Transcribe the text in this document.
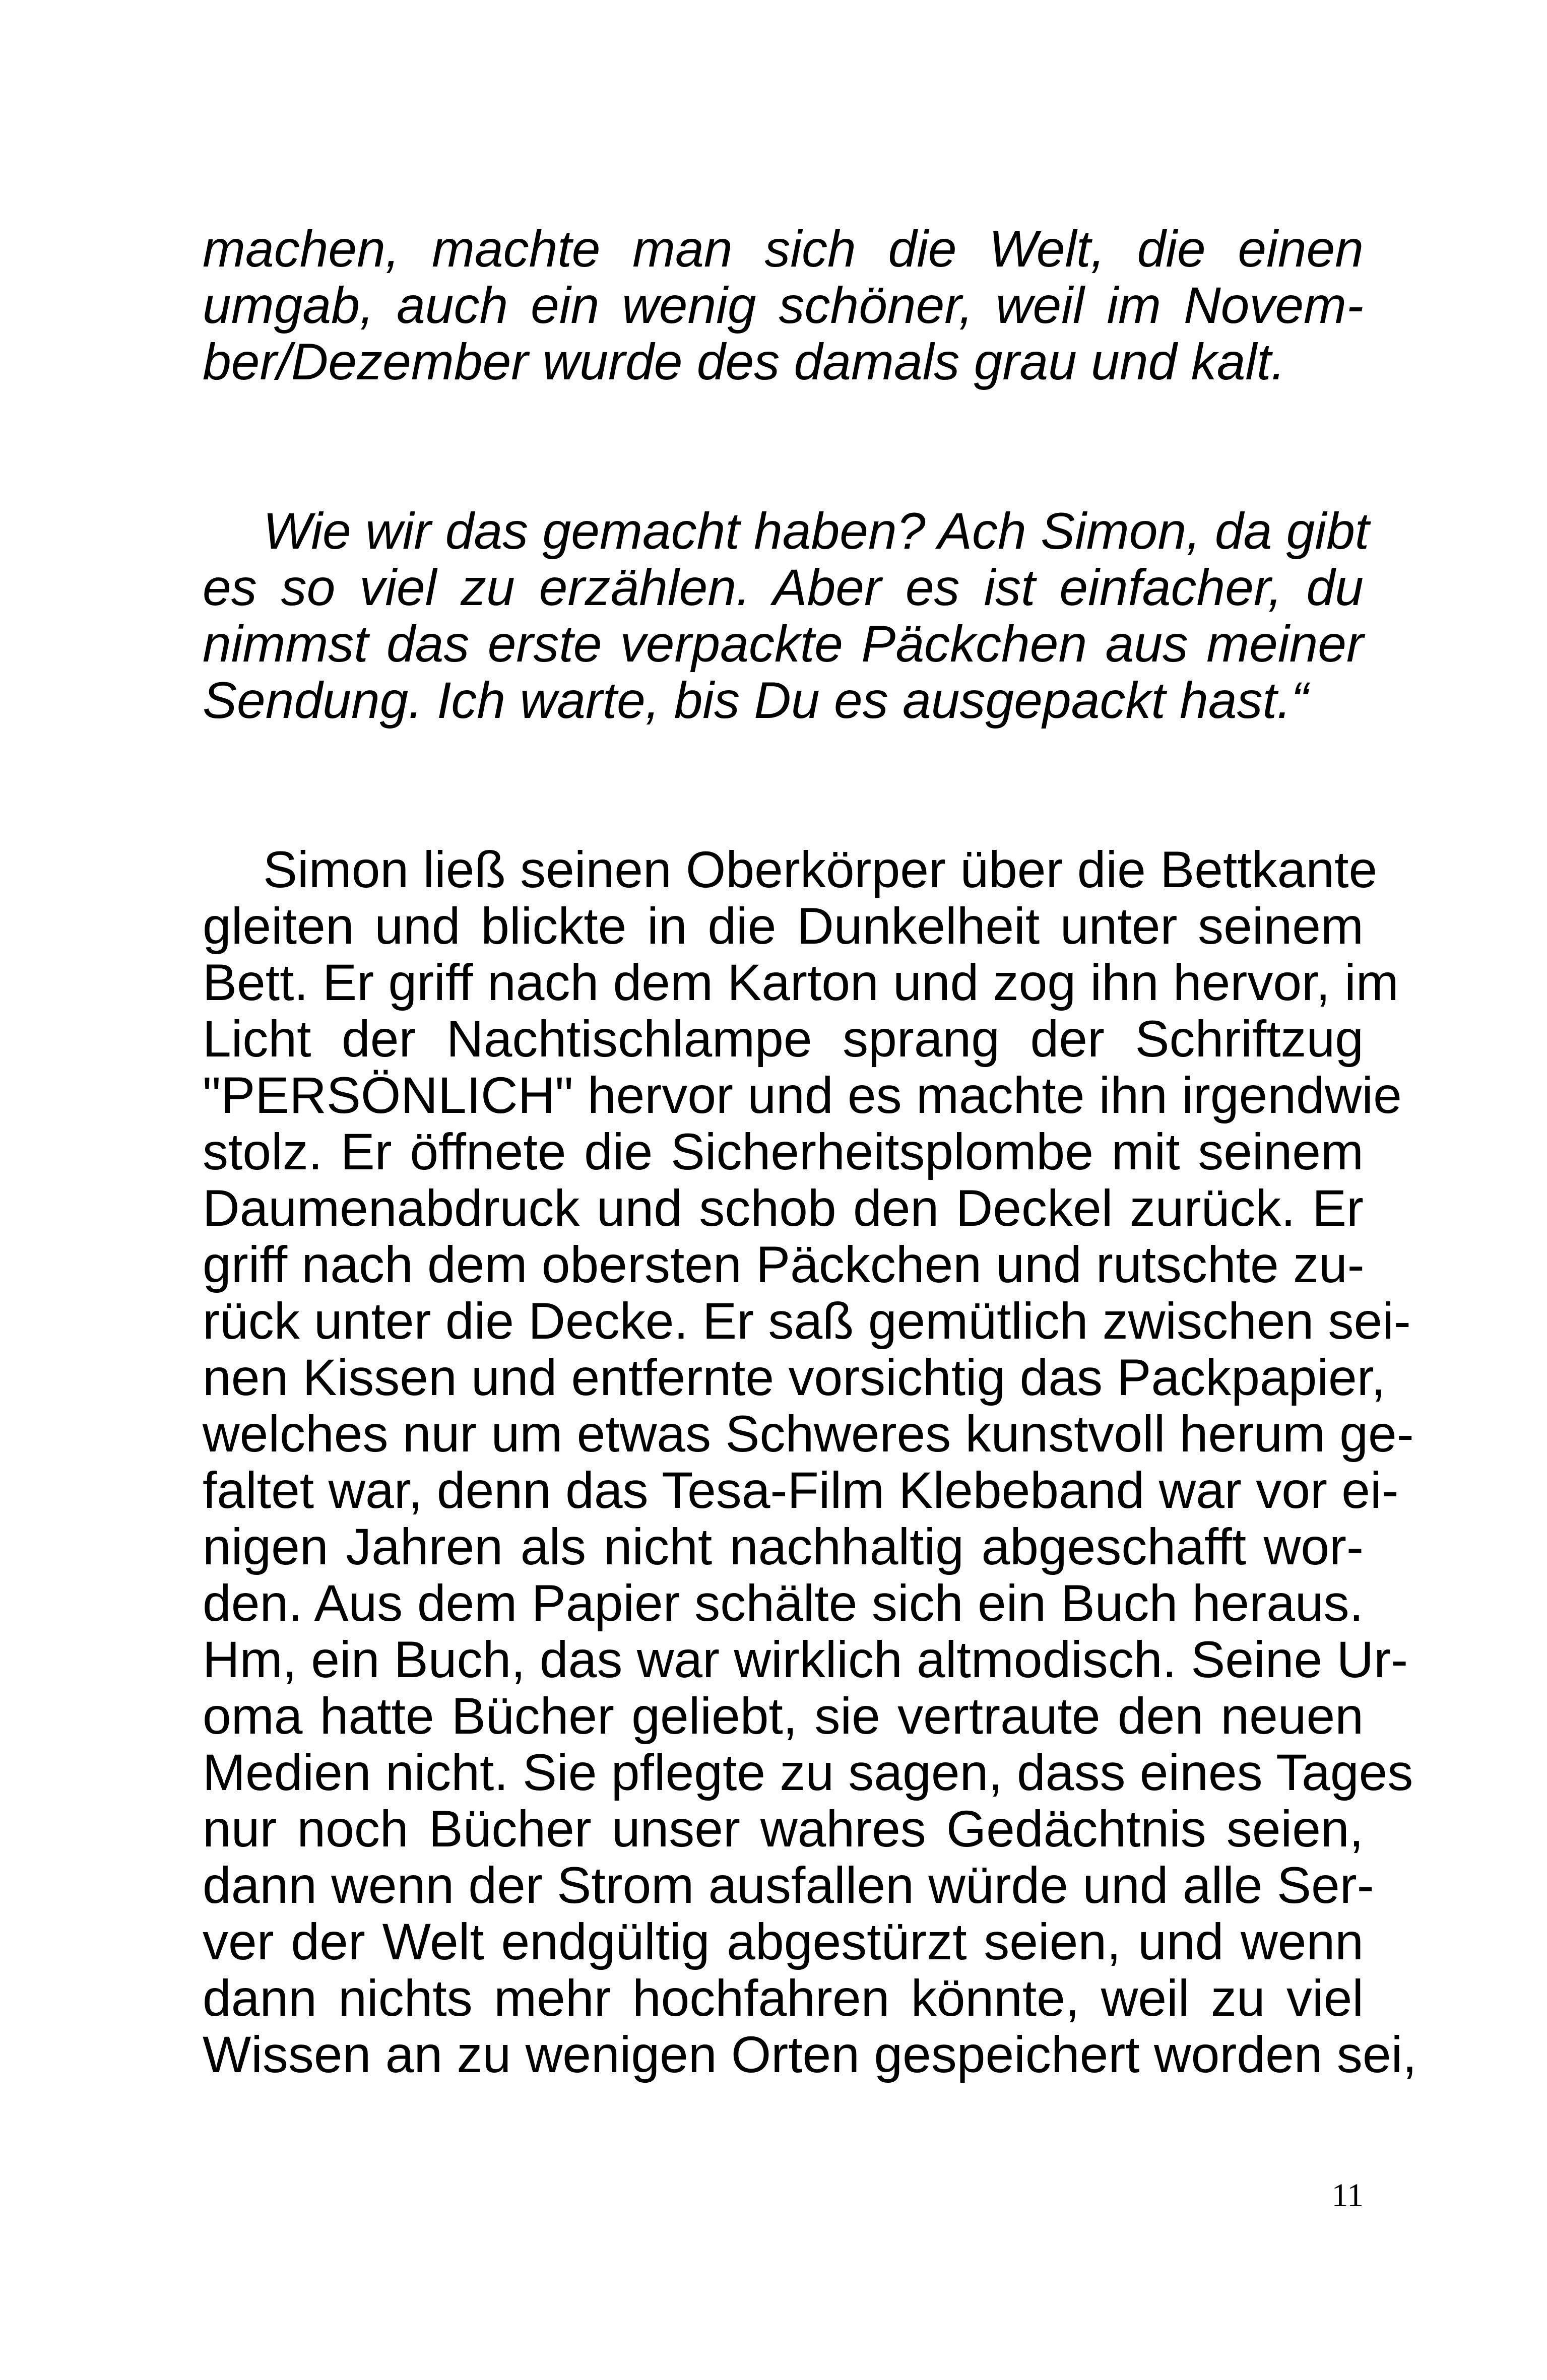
machen, machte man sich die Welt, die einen
umgab, auch ein wenig schöner, weil im Novem-
ber/Dezember wurde des damals grau und kalt.
Wie wir das gemacht haben? Ach Simon, da gibt
es so viel zu erzählen. Aber es ist einfacher, du
nimmst das erste verpackte Päckchen aus meiner
Sendung. Ich warte, bis Du es ausgepackt hast.“
Simon ließ seinen Oberkörper über die Bettkante
gleiten und blickte in die Dunkelheit unter seinem
Bett. Er griff nach dem Karton und zog ihn hervor, im
Licht der Nachtischlampe sprang der Schriftzug
"PERSÖNLICH" hervor und es machte ihn irgendwie
stolz. Er öffnete die Sicherheitsplombe mit seinem
Daumenabdruck und schob den Deckel zurück. Er
griff nach dem obersten Päckchen und rutschte zu-
rück unter die Decke. Er saß gemütlich zwischen sei-
nen Kissen und entfernte vorsichtig das Packpapier,
welches nur um etwas Schweres kunstvoll herum ge-
faltet war, denn das Tesa-Film Klebeband war vor ei-
nigen Jahren als nicht nachhaltig abgeschafft wor-
den. Aus dem Papier schälte sich ein Buch heraus.
Hm, ein Buch, das war wirklich altmodisch. Seine Ur-
oma hatte Bücher geliebt, sie vertraute den neuen
Medien nicht. Sie pflegte zu sagen, dass eines Tages
nur noch Bücher unser wahres Gedächtnis seien,
dann wenn der Strom ausfallen würde und alle Ser-
ver der Welt endgültig abgestürzt seien, und wenn
dann nichts mehr hochfahren könnte, weil zu viel
Wissen an zu wenigen Orten gespeichert worden sei,
11
